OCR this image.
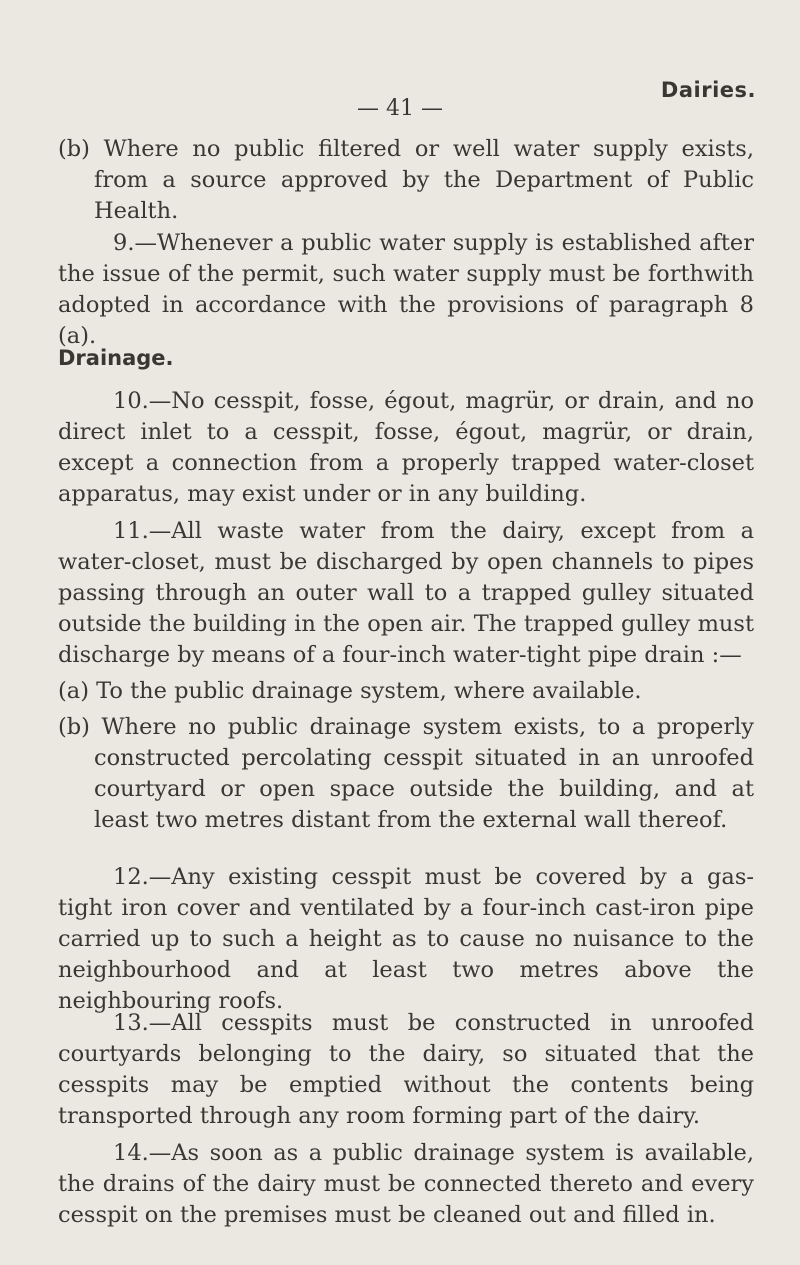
Dairies.
— 41 —

(b) Where no public filtered or well water supply exists, from a source approved by the Department of Public Health.

9.—Whenever a public water supply is established after the issue of the permit, such water supply must be forthwith adopted in accordance with the provisions of paragraph 8 (a).

Drainage.

10.—No cesspit, fosse, égout, magrür, or drain, and no direct inlet to a cesspit, fosse, égout, magrür, or drain, except a connection from a properly trapped water-closet apparatus, may exist under or in any building.

11.—All waste water from the dairy, except from a water-closet, must be discharged by open channels to pipes passing through an outer wall to a trapped gulley situated outside the building in the open air. The trapped gulley must discharge by means of a four-inch water-tight pipe drain :—

(a) To the public drainage system, where available.

(b) Where no public drainage system exists, to a properly constructed percolating cesspit situated in an unroofed courtyard or open space outside the building, and at least two metres distant from the external wall thereof.

12.—Any existing cesspit must be covered by a gas-tight iron cover and ventilated by a four-inch cast-iron pipe carried up to such a height as to cause no nuisance to the neighbourhood and at least two metres above the neighbouring roofs.

13.—All cesspits must be constructed in unroofed courtyards belonging to the dairy, so situated that the cesspits may be emptied without the contents being transported through any room forming part of the dairy.

14.—As soon as a public drainage system is available, the drains of the dairy must be connected thereto and every cesspit on the premises must be cleaned out and filled in.
